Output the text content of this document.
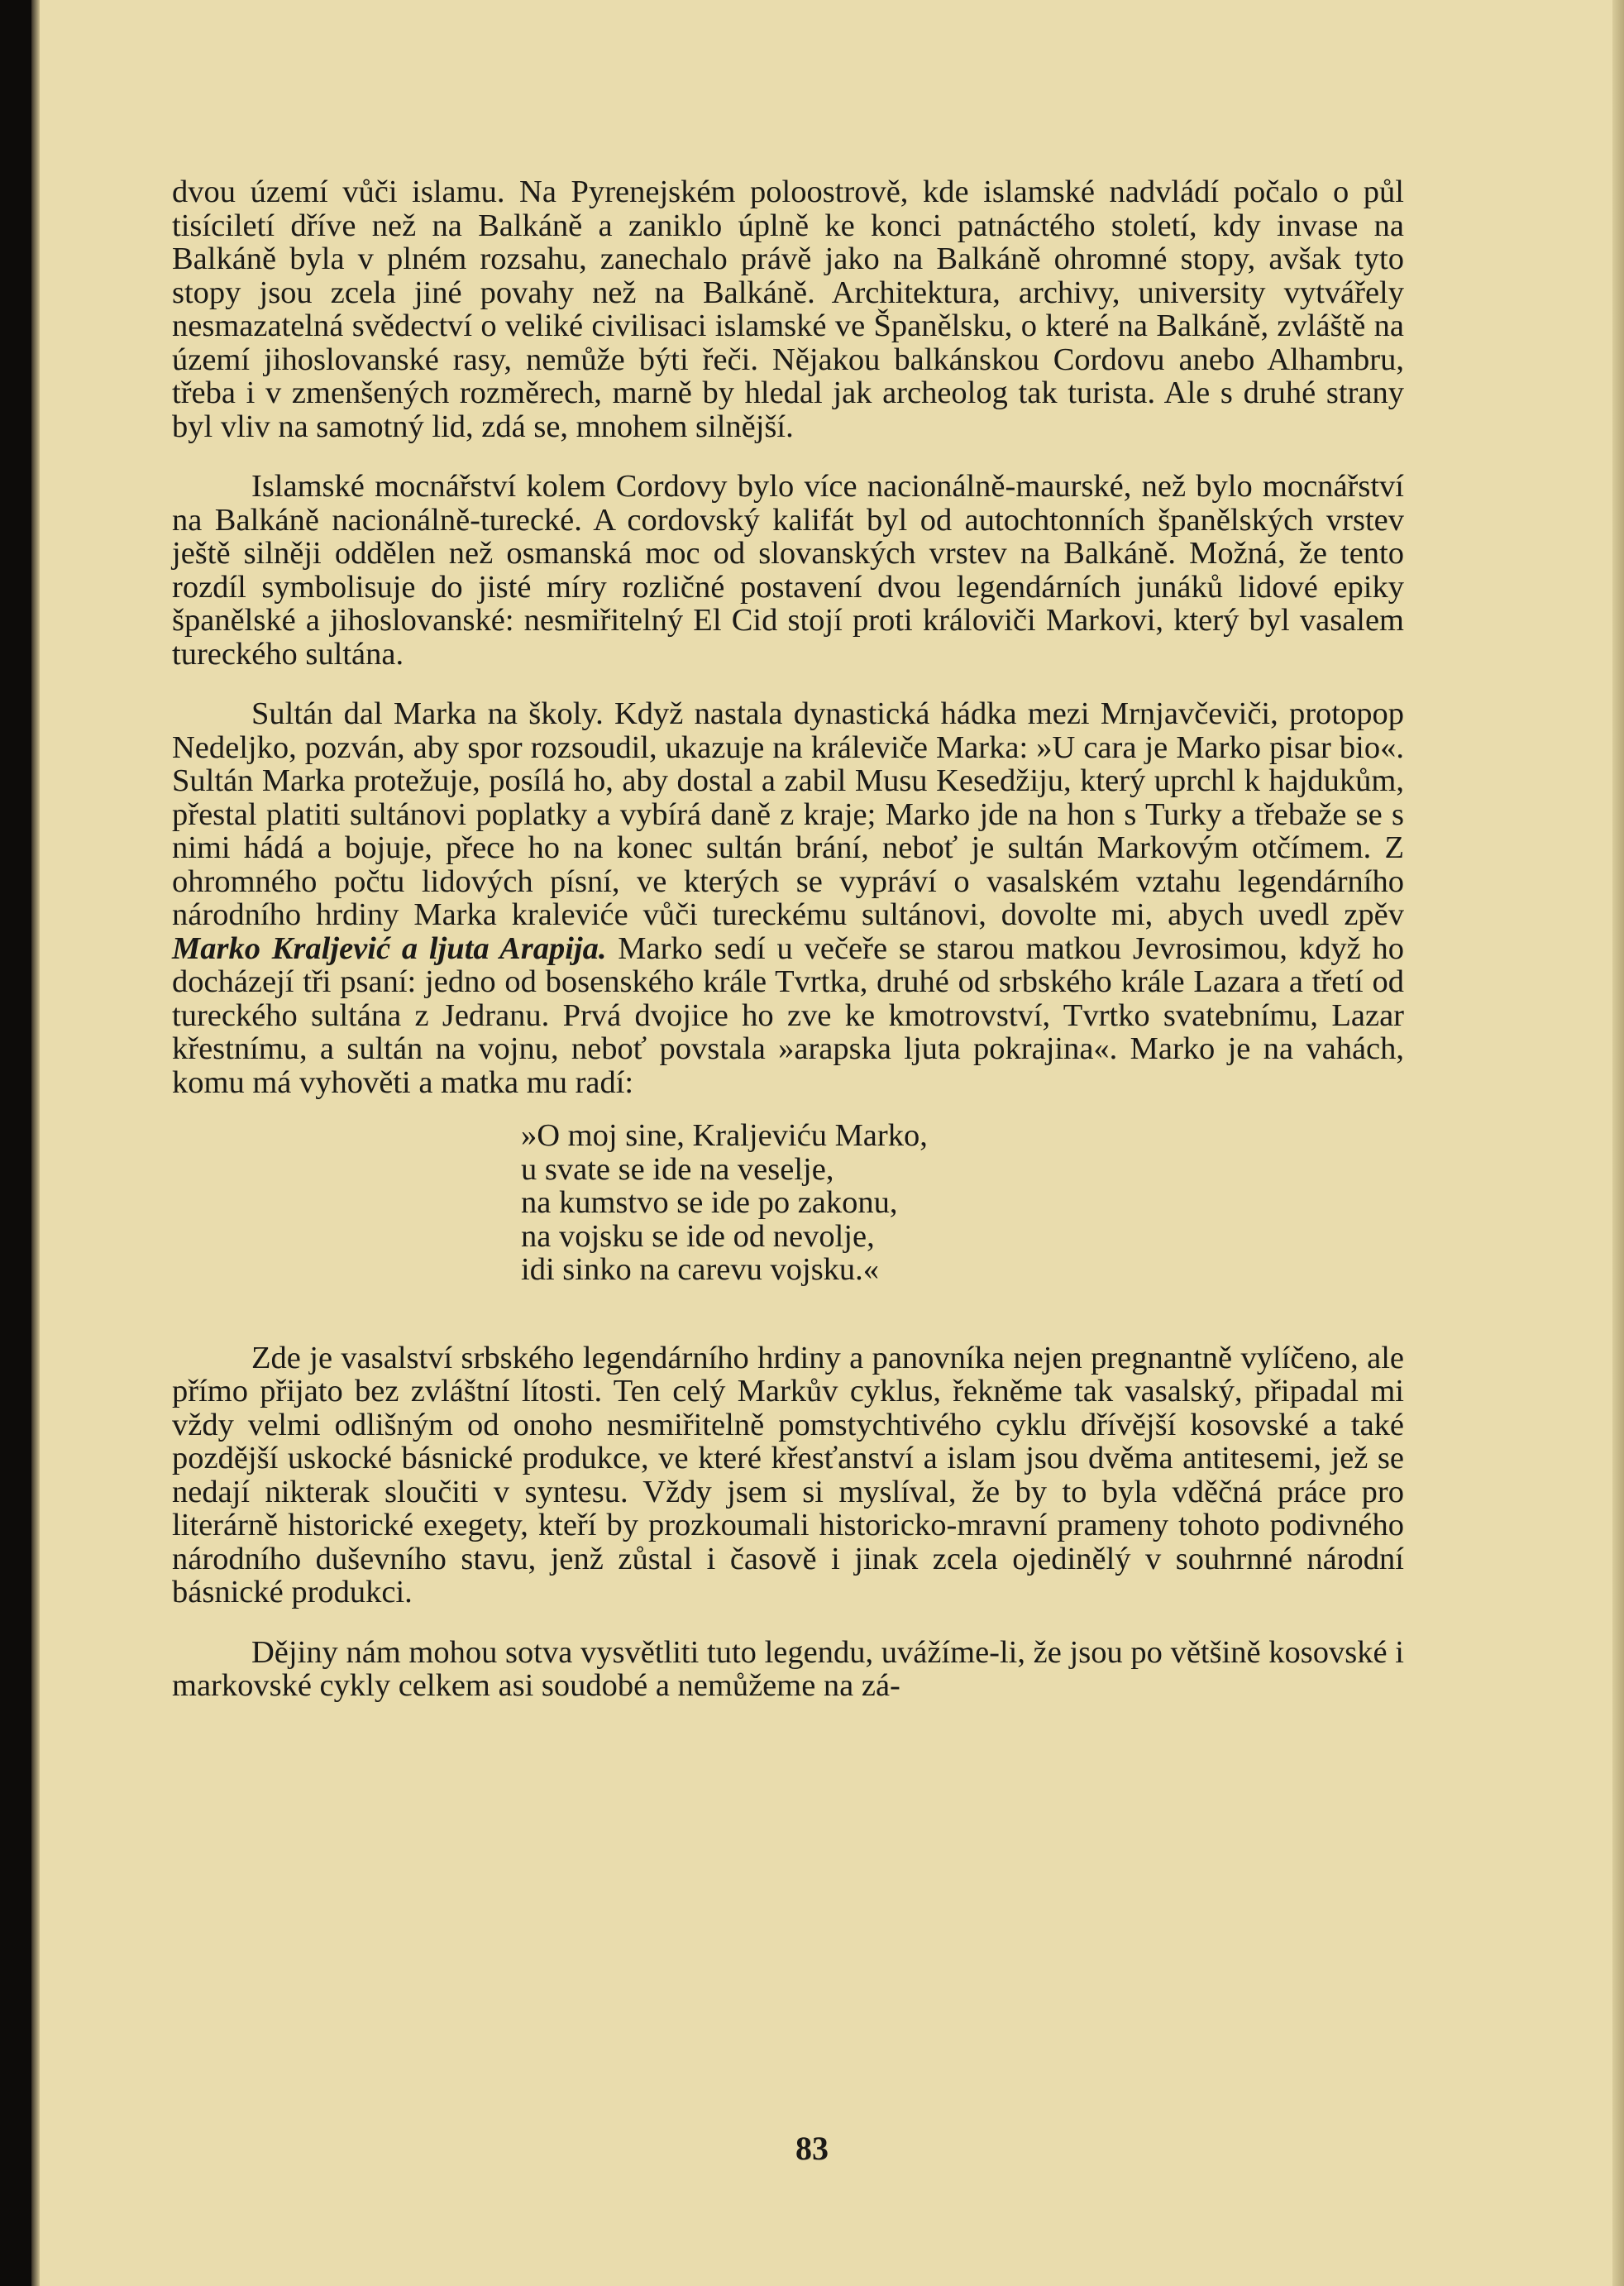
dvou území vůči islamu. Na Pyrenejském poloostrově, kde islamské nadvládí počalo o půl tisíciletí dříve než na Balkáně a zaniklo úplně ke konci patnáctého století, kdy invase na Balkáně byla v plném rozsahu, zanechalo právě jako na Balkáně ohromné stopy, avšak tyto stopy jsou zcela jiné povahy než na Balkáně. Architektura, archivy, university vytvářely nesmazatelná svědectví o veliké civilisaci islamské ve Španělsku, o které na Balkáně, zvláště na území jihoslovanské rasy, nemůže býti řeči. Nějakou balkánskou Cordovu anebo Alhambru, třeba i v zmenšených rozměrech, marně by hledal jak archeolog tak turista. Ale s druhé strany byl vliv na samotný lid, zdá se, mnohem silnější.

Islamské mocnářství kolem Cordovy bylo více nacionálně-maurské, než bylo mocnářství na Balkáně nacionálně-turecké. A cordovský kalifát byl od autochtonních španělských vrstev ještě silněji oddělen než osmanská moc od slovanských vrstev na Balkáně. Možná, že tento rozdíl symbolisuje do jisté míry rozličné postavení dvou legendárních junáků lidové epiky španělské a jihoslovanské: nesmiřitelný El Cid stojí proti královiči Markovi, který byl vasalem tureckého sultána.

Sultán dal Marka na školy. Když nastala dynastická hádka mezi Mrnjavčeviči, protopop Nedeljko, pozván, aby spor rozsoudil, ukazuje na králeviče Marka: »U cara je Marko pisar bio«. Sultán Marka protežuje, posílá ho, aby dostal a zabil Musu Kesedžiju, který uprchl k hajdukům, přestal platiti sultánovi poplatky a vybírá daně z kraje; Marko jde na hon s Turky a třebaže se s nimi hádá a bojuje, přece ho na konec sultán brání, neboť je sultán Markovým otčímem. Z ohromného počtu lidových písní, ve kterých se vypráví o vasalském vztahu legendárního národního hrdiny Marka kraleviće vůči tureckému sultánovi, dovolte mi, abych uvedl zpěv Marko Kraljević a ljuta Arapija. Marko sedí u večeře se starou matkou Jevrosimou, když ho docházejí tři psaní: jedno od bosenského krále Tvrtka, druhé od srbského krále Lazara a třetí od tureckého sultána z Jedranu. Prvá dvojice ho zve ke kmotrovství, Tvrtko svatebnímu, Lazar křestnímu, a sultán na vojnu, neboť povstala »arapska ljuta pokrajina«. Marko je na vahách, komu má vyhověti a matka mu radí:

»O moj sine, Kraljeviću Marko,
u svate se ide na veselje,
na kumstvo se ide po zakonu,
na vojsku se ide od nevolje,
idi sinko na carevu vojsku.«

Zde je vasalství srbského legendárního hrdiny a panovníka nejen pregnantně vylíčeno, ale přímo přijato bez zvláštní lítosti. Ten celý Markův cyklus, řekněme tak vasalský, připadal mi vždy velmi odlišným od onoho nesmiřitelně pomstychtivého cyklu dřívější kosovské a také pozdější uskocké básnické produkce, ve které křesťanství a islam jsou dvěma antitesemi, jež se nedají nikterak sloučiti v syntesu. Vždy jsem si myslíval, že by to byla vděčná práce pro literárně historické exegety, kteří by prozkoumali historicko-mravní prameny tohoto podivného národního duševního stavu, jenž zůstal i časově i jinak zcela ojedinělý v souhrnné národní básnické produkci.

Dějiny nám mohou sotva vysvětliti tuto legendu, uvážíme-li, že jsou po většině kosovské i markovské cykly celkem asi soudobé a nemůžeme na zá-

83
